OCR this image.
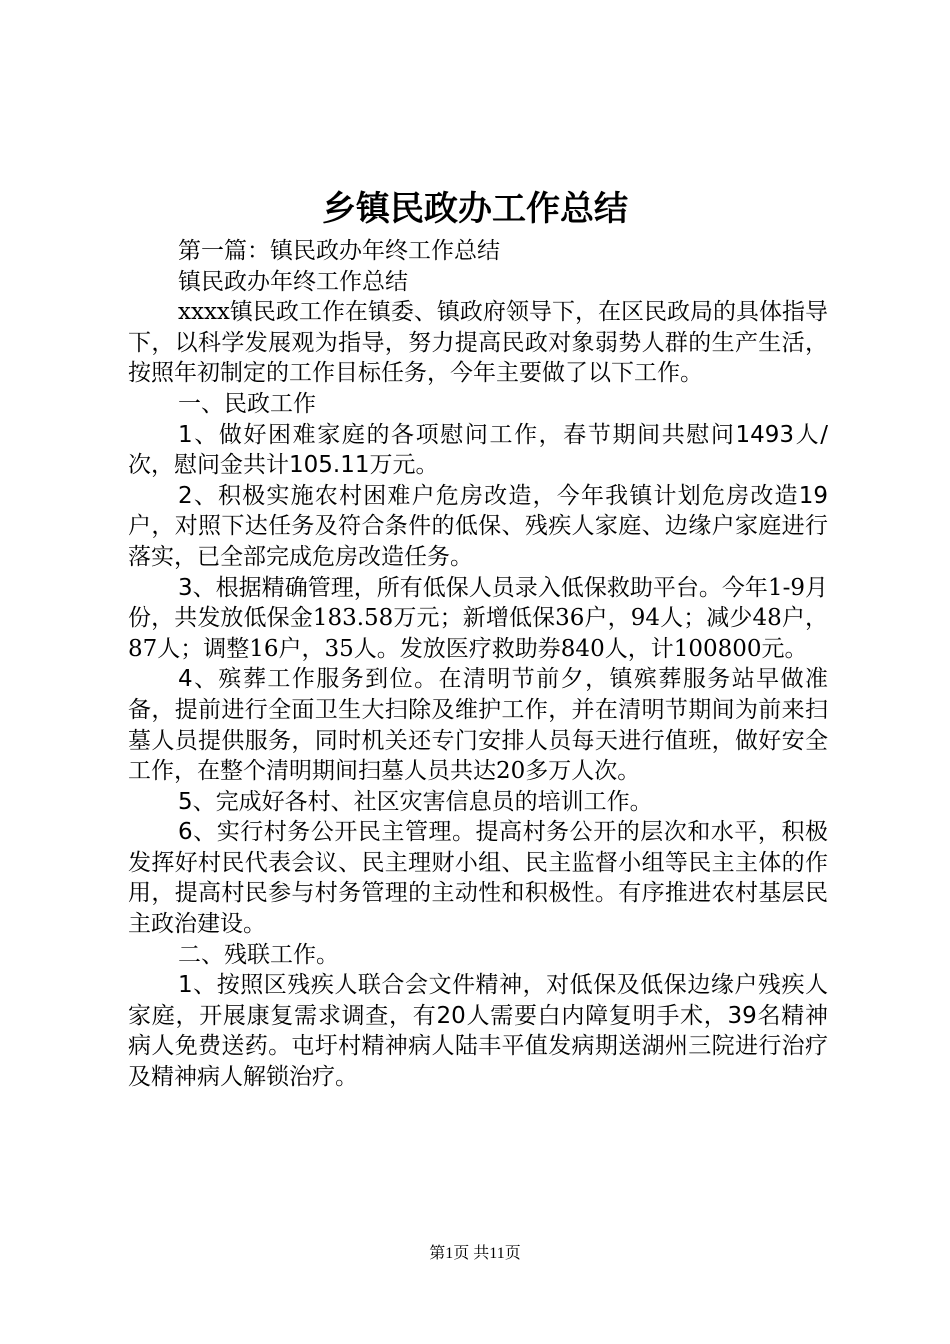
乡镇民政办工作总结

第一篇：镇民政办年终工作总结

镇民政办年终工作总结

xxxx镇民政工作在镇委、镇政府领导下，在区民政局的具体指导下，以科学发展观为指导，努力提高民政对象弱势人群的生产生活，按照年初制定的工作目标任务，今年主要做了以下工作。

一、民政工作

1、做好困难家庭的各项慰问工作，春节期间共慰问1493人/次，慰问金共计105.11万元。

2、积极实施农村困难户危房改造，今年我镇计划危房改造19户，对照下达任务及符合条件的低保、残疾人家庭、边缘户家庭进行落实，已全部完成危房改造任务。

3、根据精确管理，所有低保人员录入低保救助平台。今年1-9月份，共发放低保金183.58万元；新增低保36户，94人；减少48户，87人；调整16户，35人。发放医疗救助券840人，计100800元。

4、殡葬工作服务到位。在清明节前夕，镇殡葬服务站早做准备，提前进行全面卫生大扫除及维护工作，并在清明节期间为前来扫墓人员提供服务，同时机关还专门安排人员每天进行值班，做好安全工作，在整个清明期间扫墓人员共达20多万人次。

5、完成好各村、社区灾害信息员的培训工作。

6、实行村务公开民主管理。提高村务公开的层次和水平，积极发挥好村民代表会议、民主理财小组、民主监督小组等民主主体的作用，提高村民参与村务管理的主动性和积极性。有序推进农村基层民主政治建设。

二、残联工作。

1、按照区残疾人联合会文件精神，对低保及低保边缘户残疾人家庭，开展康复需求调查，有20人需要白内障复明手术，39名精神病人免费送药。屯圩村精神病人陆丰平值发病期送湖州三院进行治疗及精神病人解锁治疗。

第1页 共11页
